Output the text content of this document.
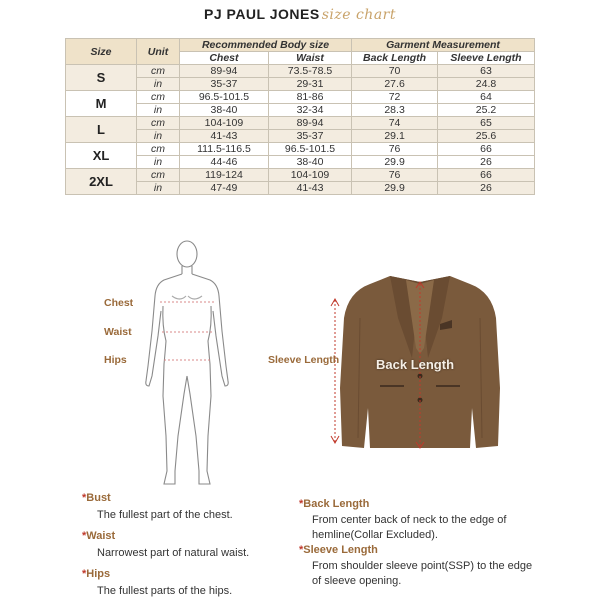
PJ PAUL JONES size chart
Size	Unit	Recommended Body size		Garment Measurement	
		Chest	Waist	Back Length	Sleeve Length
S	cm	89-94	73.5-78.5	70	63
	in	35-37	29-31	27.6	24.8
M	cm	96.5-101.5	81-86	72	64
	in	38-40	32-34	28.3	25.2
L	cm	104-109	89-94	74	65
	in	41-43	35-37	29.1	25.6
XL	cm	111.5-116.5	96.5-101.5	76	66
	in	44-46	38-40	29.9	26
2XL	cm	119-124	104-109	76	66
	in	47-49	41-43	29.9	26
Chest
Waist
Hips	Sleeve Length	Back Length
*Bust
The fullest part of the chest.
*Waist
Narrowest part of natural waist.
*Hips
The fullest parts of the hips.
*Back Length
From center back of neck to the edge of hemline(Collar Excluded).
*Sleeve Length
From shoulder sleeve point(SSP) to the edge of sleeve opening.
